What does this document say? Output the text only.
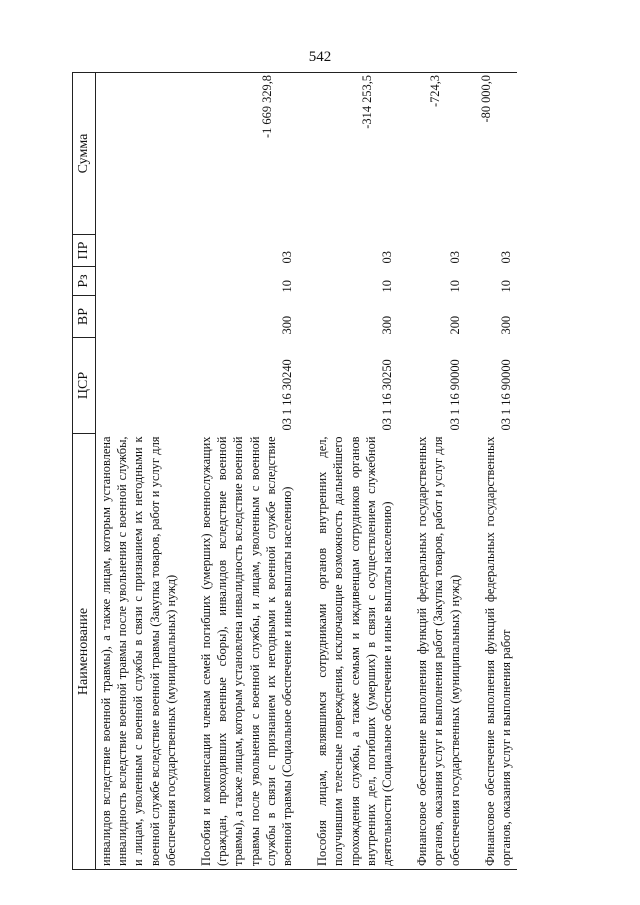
542
Наименование	ЦСР	ВР	Рз	ПР	Сумма
инвалидов вследствие военной травмы), а также лицам, которым установлена инвалидность вследствие военной травмы после увольнения с военной службы, и лицам, уволенным с военной службы в связи с признанием их негодными к военной службе вследствие военной травмы (Закупка товаров, работ и услуг для обеспечения государственных (муниципальных) нужд)					

Пособия и компенсации членам семей погибших (умерших) военнослужащих (граждан, проходивших военные сборы), инвалидов вследствие военной травмы), а также лицам, которым установлена инвалидность вследствие военной травмы после увольнения с военной службы, и лицам, уволенным с военной службы в связи с признанием их негодными к военной службе вследствие военной травмы (Социальное обеспечение и иные выплаты населению)	03 1 16 30240	300	10	03	-1 669 329,8

Пособия лицам, являвшимся сотрудниками органов внутренних дел, получившим телесные повреждения, исключающие возможность дальнейшего прохождения службы, а также семьям и иждивенцам сотрудников органов внутренних дел, погибших (умерших) в связи с осуществлением служебной деятельности (Социальное обеспечение и иные выплаты населению)	03 1 16 30250	300	10	03	-314 253,5

Финансовое обеспечение выполнения функций федеральных государственных органов, оказания услуг и выполнения работ (Закупка товаров, работ и услуг для обеспечения государственных (муниципальных) нужд)	03 1 16 90000	200	10	03	-724,3

Финансовое обеспечение выполнения функций федеральных государственных органов, оказания услуг и выполнения работ	03 1 16 90000	300	10	03	-80 000,0
